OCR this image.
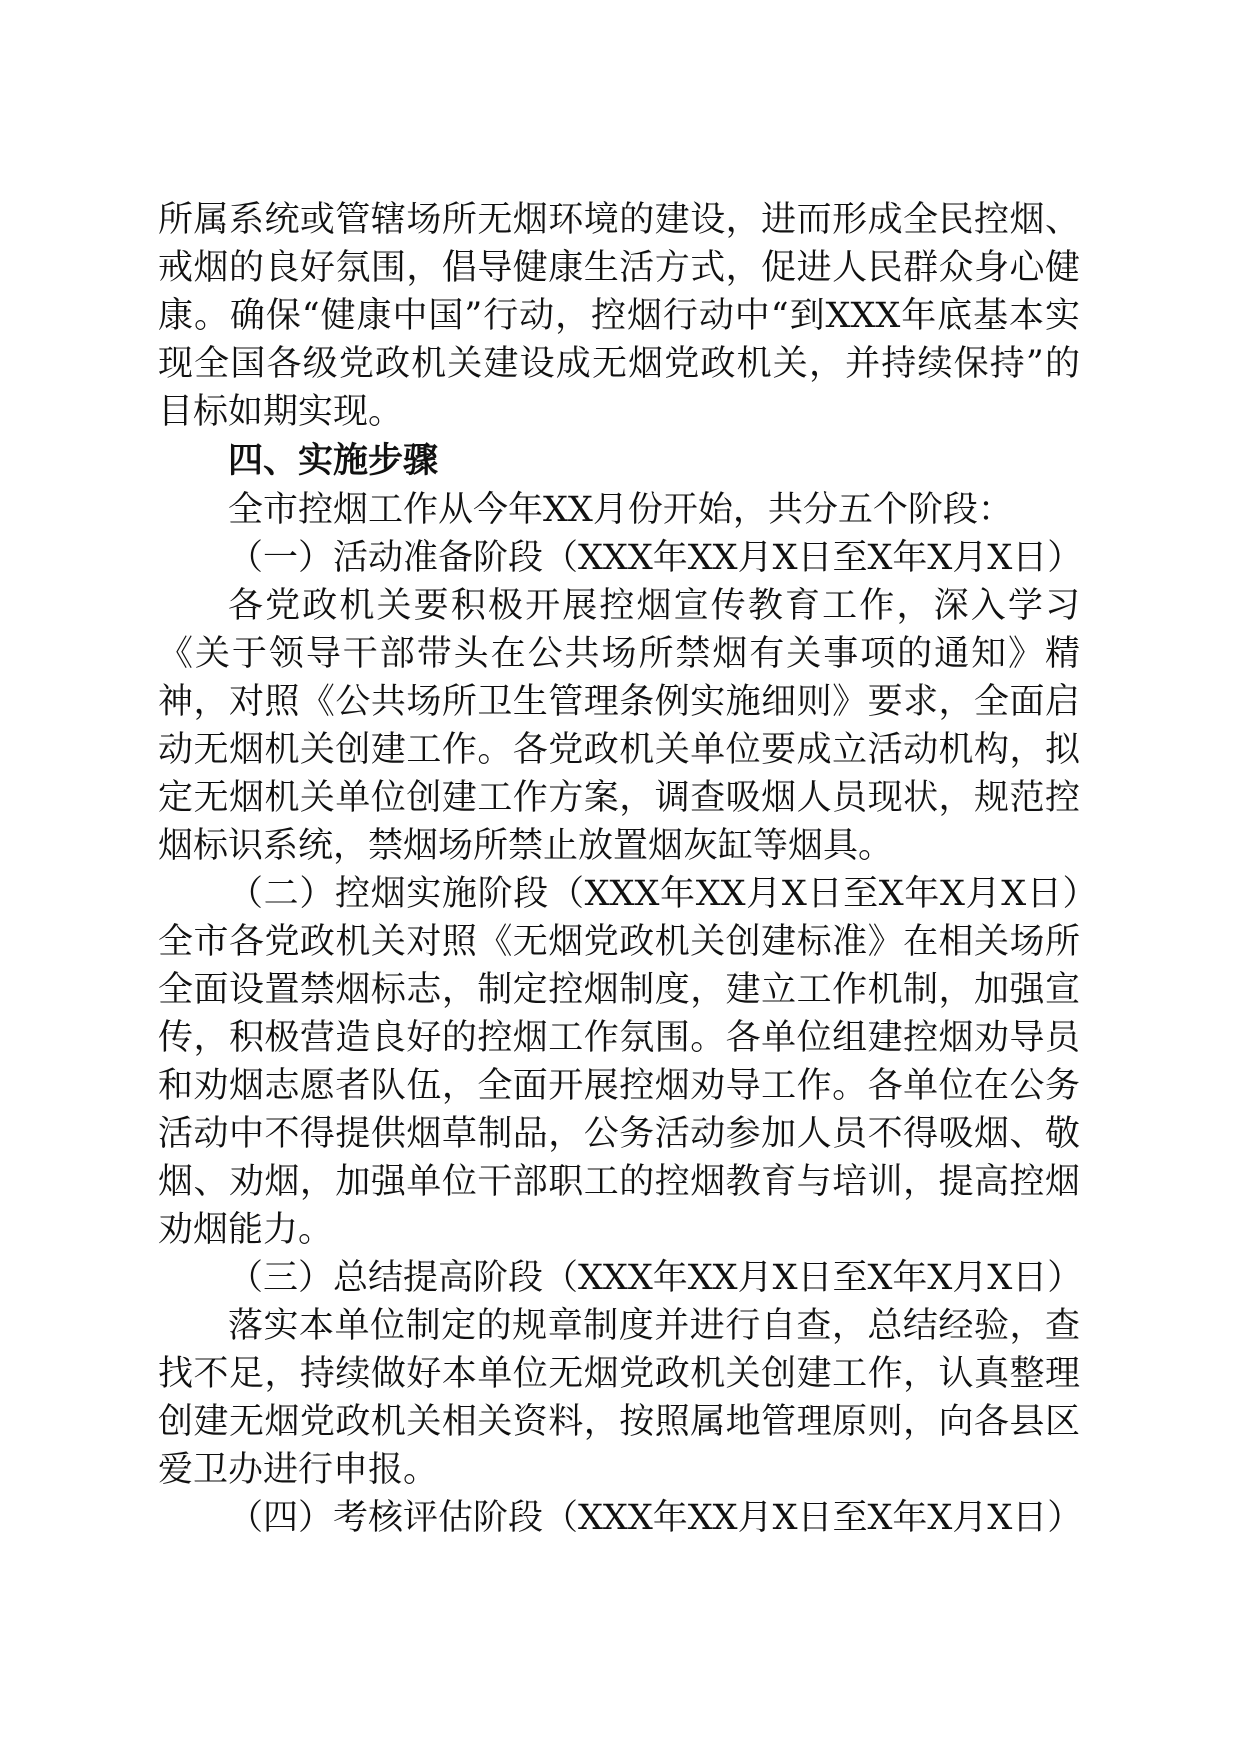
所属系统或管辖场所无烟环境的建设，进而形成全民控烟、戒烟的良好氛围，倡导健康生活方式，促进人民群众身心健康。确保“健康中国”行动，控烟行动中“到XXX年底基本实现全国各级党政机关建设成无烟党政机关，并持续保持”的目标如期实现。

四、实施步骤

全市控烟工作从今年XX月份开始，共分五个阶段：

（一）活动准备阶段（XXX年XX月X日至X年X月X日）

各党政机关要积极开展控烟宣传教育工作，深入学习《关于领导干部带头在公共场所禁烟有关事项的通知》精神，对照《公共场所卫生管理条例实施细则》要求，全面启动无烟机关创建工作。各党政机关单位要成立活动机构，拟定无烟机关单位创建工作方案，调查吸烟人员现状，规范控烟标识系统，禁烟场所禁止放置烟灰缸等烟具。

（二）控烟实施阶段（XXX年XX月X日至X年X月X日）全市各党政机关对照《无烟党政机关创建标准》在相关场所全面设置禁烟标志，制定控烟制度，建立工作机制，加强宣传，积极营造良好的控烟工作氛围。各单位组建控烟劝导员和劝烟志愿者队伍，全面开展控烟劝导工作。各单位在公务活动中不得提供烟草制品，公务活动参加人员不得吸烟、敬烟、劝烟，加强单位干部职工的控烟教育与培训，提高控烟劝烟能力。

（三）总结提高阶段（XXX年XX月X日至X年X月X日）

落实本单位制定的规章制度并进行自查，总结经验，查找不足，持续做好本单位无烟党政机关创建工作，认真整理创建无烟党政机关相关资料，按照属地管理原则，向各县区爱卫办进行申报。

（四）考核评估阶段（XXX年XX月X日至X年X月X日）
